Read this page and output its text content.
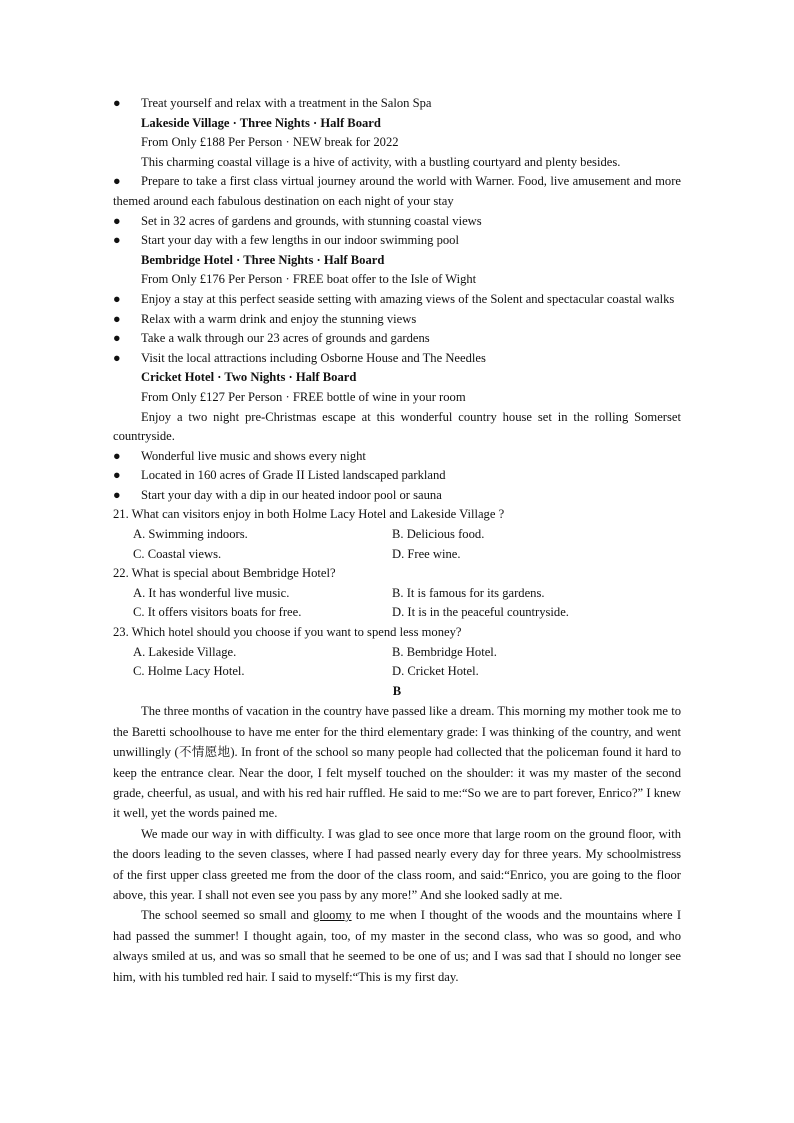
● Treat yourself and relax with a treatment in the Salon Spa
Lakeside Village · Three Nights · Half Board
From Only £188 Per Person · NEW break for 2022
This charming coastal village is a hive of activity, with a bustling courtyard and plenty besides.
● Prepare to take a first class virtual journey around the world with Warner. Food, live amusement and more themed around each fabulous destination on each night of your stay
● Set in 32 acres of gardens and grounds, with stunning coastal views
● Start your day with a few lengths in our indoor swimming pool
Bembridge Hotel · Three Nights · Half Board
From Only £176 Per Person · FREE boat offer to the Isle of Wight
● Enjoy a stay at this perfect seaside setting with amazing views of the Solent and spectacular coastal walks
● Relax with a warm drink and enjoy the stunning views
● Take a walk through our 23 acres of grounds and gardens
● Visit the local attractions including Osborne House and The Needles
Cricket Hotel · Two Nights · Half Board
From Only £127 Per Person · FREE bottle of wine in your room
Enjoy a two night pre-Christmas escape at this wonderful country house set in the rolling Somerset countryside.
● Wonderful live music and shows every night
● Located in 160 acres of Grade II Listed landscaped parkland
● Start your day with a dip in our heated indoor pool or sauna
21. What can visitors enjoy in both Holme Lacy Hotel and Lakeside Village ?
A. Swimming indoors.	B. Delicious food.
C. Coastal views.	D. Free wine.
22. What is special about Bembridge Hotel?
A. It has wonderful live music.	B. It is famous for its gardens.
C. It offers visitors boats for free.	D. It is in the peaceful countryside.
23. Which hotel should you choose if you want to spend less money?
A. Lakeside Village.	B. Bembridge Hotel.
C. Holme Lacy Hotel.	D. Cricket Hotel.
B
The three months of vacation in the country have passed like a dream. This morning my mother took me to the Baretti schoolhouse to have me enter for the third elementary grade: I was thinking of the country, and went unwillingly (不情愿地). In front of the school so many people had collected that the policeman found it hard to keep the entrance clear. Near the door, I felt myself touched on the shoulder: it was my master of the second grade, cheerful, as usual, and with his red hair ruffled. He said to me:“So we are to part forever, Enrico?” I knew it well, yet the words pained me.
We made our way in with difficulty. I was glad to see once more that large room on the ground floor, with the doors leading to the seven classes, where I had passed nearly every day for three years. My schoolmistress of the first upper class greeted me from the door of the class room, and said:“Enrico, you are going to the floor above, this year. I shall not even see you pass by any more!” And she looked sadly at me.
The school seemed so small and gloomy to me when I thought of the woods and the mountains where I had passed the summer! I thought again, too, of my master in the second class, who was so good, and who always smiled at us, and was so small that he seemed to be one of us; and I was sad that I should no longer see him, with his tumbled red hair. I said to myself:“This is my first day.
